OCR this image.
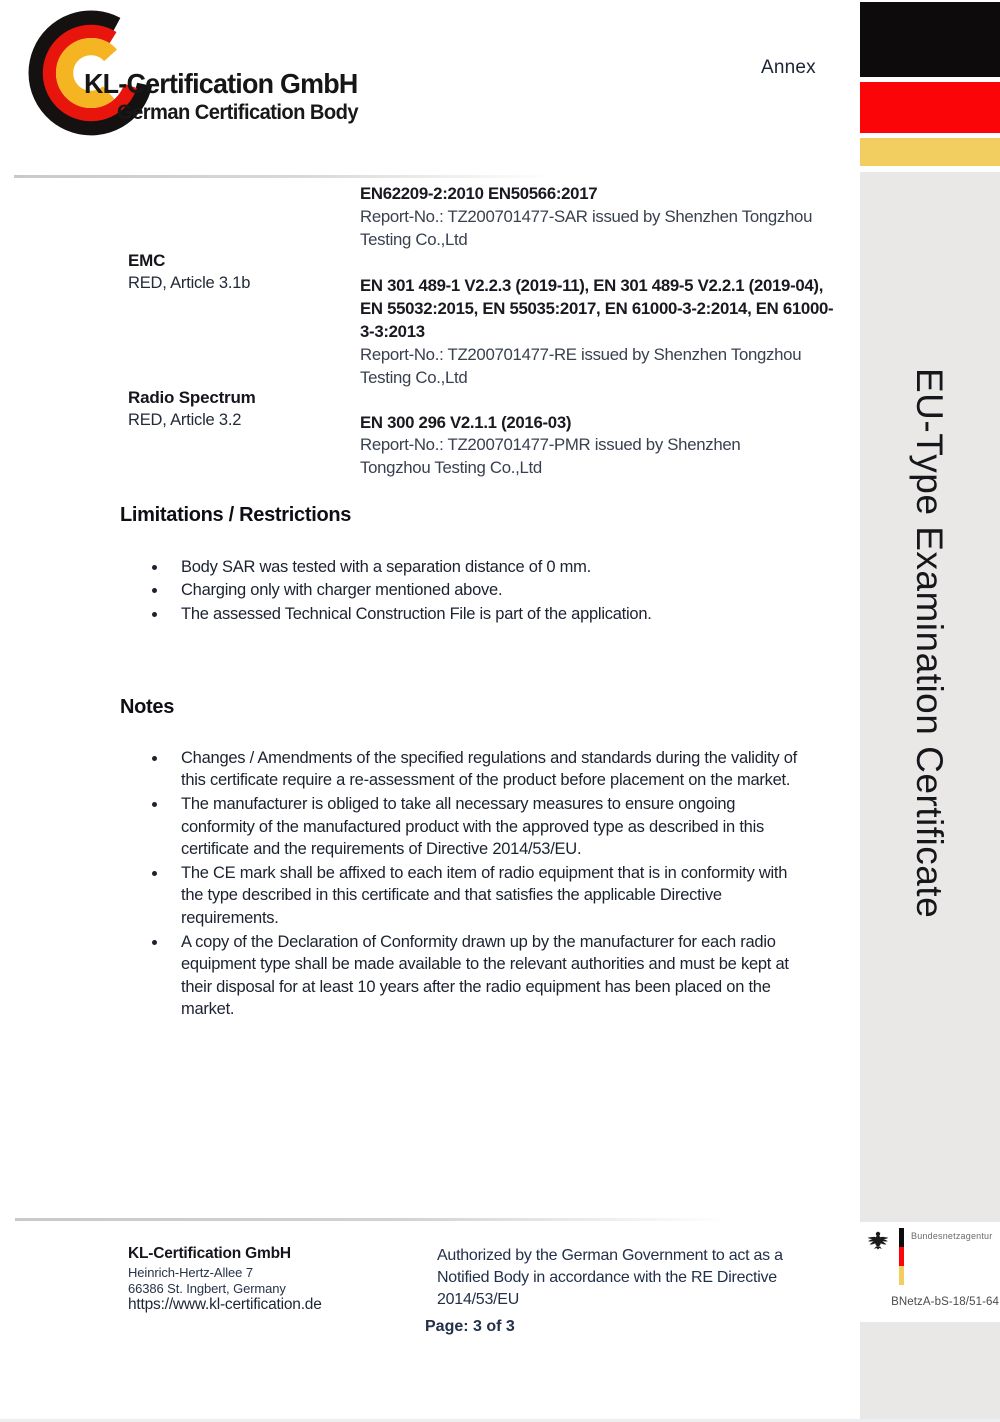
KL-Certification GmbH
German Certification Body
Annex
EN62209-2:2010 EN50566:2017
Report-No.: TZ200701477-SAR issued by Shenzhen Tongzhou Testing Co.,Ltd
EMC
RED, Article 3.1b	EN 301 489-1 V2.2.3 (2019-11), EN 301 489-5 V2.2.1 (2019-04), EN 55032:2015, EN 55035:2017, EN 61000-3-2:2014, EN 61000-3-3:2013
Report-No.: TZ200701477-RE issued by Shenzhen Tongzhou Testing Co.,Ltd
Radio Spectrum
RED, Article 3.2	EN 300 296 V2.1.1 (2016-03)
Report-No.: TZ200701477-PMR issued by Shenzhen Tongzhou Testing Co.,Ltd
Limitations / Restrictions
Body SAR was tested with a separation distance of 0 mm.
Charging only with charger mentioned above.
The assessed Technical Construction File is part of the application.
Notes
Changes / Amendments of the specified regulations and standards during the validity of this certificate require a re-assessment of the product before placement on the market.
The manufacturer is obliged to take all necessary measures to ensure ongoing conformity of the manufactured product with the approved type as described in this certificate and the requirements of Directive 2014/53/EU.
The CE mark shall be affixed to each item of radio equipment that is in conformity with the type described in this certificate and that satisfies the applicable Directive requirements.
A copy of the Declaration of Conformity drawn up by the manufacturer for each radio equipment type shall be made available to the relevant authorities and must be kept at their disposal for at least 10 years after the radio equipment has been placed on the market.
EU-Type Examination Certificate
Bundesnetzagentur
BNetzA-bS-18/51-64
KL-Certification GmbH
Heinrich-Hertz-Allee 7
66386 St. Ingbert, Germany
https://www.kl-certification.de
Authorized by the German Government to act as a Notified Body in accordance with the RE Directive 2014/53/EU
Page: 3 of 3
